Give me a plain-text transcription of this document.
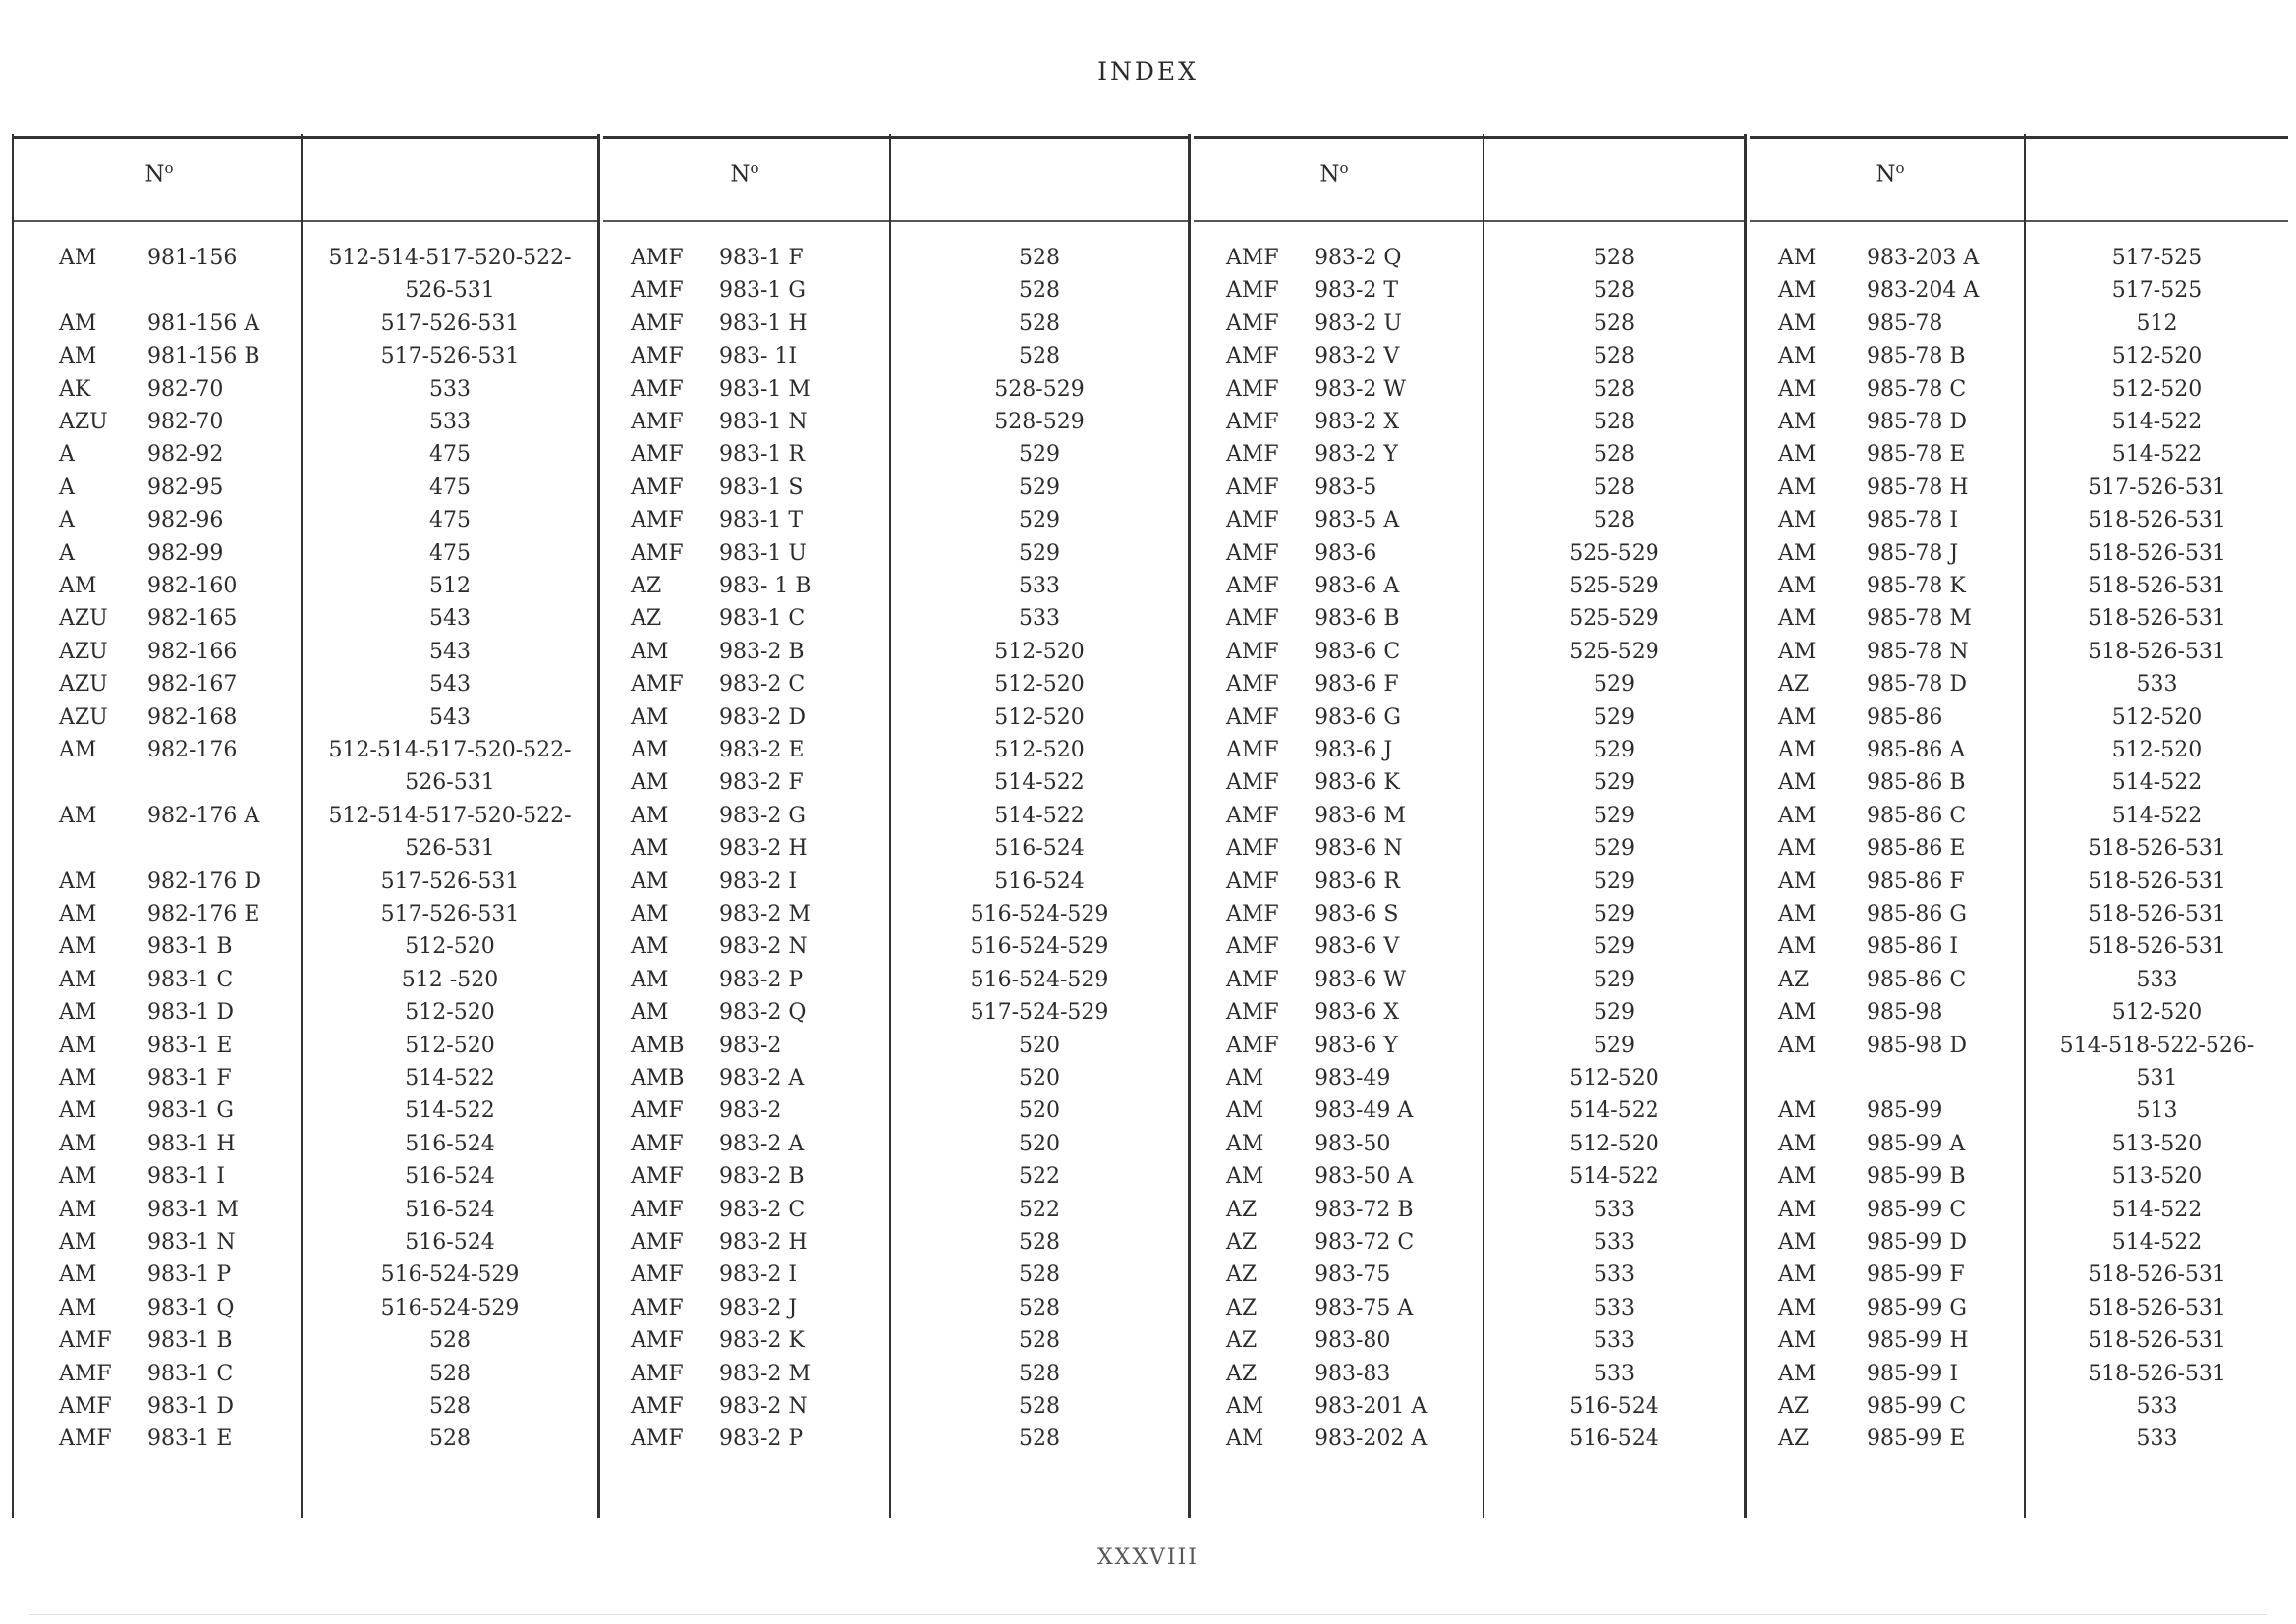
INDEX
$N^o$	$N^o$	$N^o$	$N^o$
AM 981-156	512-514-517-520-522-
526-531
AM 981-156 A	517-526-531
AM 981-156 B	517-526-531
AK	982-70	533
AZU 982-70	533
A	982-92	475
A	982-95	475
A	982-96	475
A	982-99	475
AM 982-160	512
AZU 982-165	543
AZU 982-166	543
AZU 982-167	543
AZU 982-168	543
AM 982-176	512-514-517-520-522-
526-531
AM 982-176 A	512-514-517-520-522-
526-531
AM 982-176 D	517-526-531
AM 982-176 E	517-526-531
AM 983-1 B	512-520
AM 983-1 C	512 -520
AM 983-1 D	512-520
AM 983-1 E	512-520
AM 983-1 F	514-522
AM 983-1 G	514-522
AM 983-1 H	516-524
AM 983-1 I	516-524
AM 983-1 M	516-524
AM 983-1 N	516-524
AM 983-1 P	516-524-529
AM 983-1 Q	516-524-529
AMF 983-1 B	528
AMF 983-1 C	528
AMF 983-1 D	528
AMF 983-1 E	528
AMF 983-1 F	528
AMF 983-1 G	528
AMF 983-1 H	528
AMF 983- 1I	528
AMF 983-1 M	528-529
AMF 983-1 N	528-529
AMF 983-1 R	529
AMF 983-1 S	529
AMF 983-1 T	529
AMF 983-1 U	529
AZ	983- 1 B	533
AZ	983-1 C	533
AM 983-2 B	512-520
AMF 983-2 C	512-520
AM 983-2 D	512-520
AM 983-2 E	512-520
AM 983-2 F	514-522
AM 983-2 G	514-522
AM 983-2 H	516-524
AM 983-2 I	516-524
AM 983-2 M	516-524-529
AM 983-2 N	516-524-529
AM 983-2 P	516-524-529
AM 983-2 Q	517-524-529
AMB 983-2	520
AMB 983-2 A	520
AMF 983-2	520
AMF 983-2 A	520
AMF 983-2 B	522
AMF 983-2 C	522
AMF 983-2 H	528
AMF 983-2 I	528
AMF 983-2 J	528
AMF 983-2 K	528
AMF 983-2 M	528
AMF 983-2 N	528
AMF 983-2 P	528
AMF 983-2 Q	528
AMF 983-2 T	528
AMF 983-2 U	528
AMF 983-2 V	528
AMF 983-2 W	528
AMF 983-2 X	528
AMF 983-2 Y	528
AMF 983-5	528
AMF 983-5 A	528
AMF 983-6	525-529
AMF 983-6 A	525-529
AMF 983-6 B	525-529
AMF 983-6 C	525-529
AMF 983-6 F	529
AMF 983-6 G	529
AMF 983-6 J	529
AMF 983-6 K	529
AMF 983-6 M	529
AMF 983-6 N	529
AMF 983-6 R	529
AMF 983-6 S	529
AMF 983-6 V	529
AMF 983-6 W	529
AMF 983-6 X	529
AMF 983-6 Y	529
AM 983-49	512-520
AM 983-49 A	514-522
AM 983-50	512-520
AM 983-50 A	514-522
AZ	983-72 B	533
AZ	983-72 C	533
AZ	983-75	533
AZ	983-75 A	533
AZ	983-80	533
AZ	983-83	533
AM 983-201 A	516-524
AM 983-202 A	516-524
AM 983-203 A	517-525
AM 983-204 A	517-525
AM 985-78	512
AM 985-78 B	512-520
AM 985-78 C	512-520
AM 985-78 D	514-522
AM 985-78 E	514-522
AM 985-78 H	517-526-531
AM 985-78 I	518-526-531
AM 985-78 J	518-526-531
AM 985-78 K	518-526-531
AM 985-78 M	518-526-531
AM 985-78 N	518-526-531
AZ	985-78 D	533
AM 985-86	512-520
AM 985-86 A	512-520
AM 985-86 B	514-522
AM 985-86 C	514-522
AM 985-86 E	518-526-531
AM 985-86 F	518-526-531
AM 985-86 G	518-526-531
AM 985-86 I	518-526-531
AZ	985-86 C	533
AM 985-98	512-520
AM 985-98 D	514-518-522-526-
531
AM 985-99	513
AM 985-99 A	513-520
AM 985-99 B	513-520
AM 985-99 C	514-522
AM 985-99 D	514-522
AM 985-99 F	518-526-531
AM 985-99 G	518-526-531
AM 985-99 H	518-526-531
AM 985-99 I	518-526-531
AZ	985-99 C	533
AZ	985-99 E	533
XXXVIII
